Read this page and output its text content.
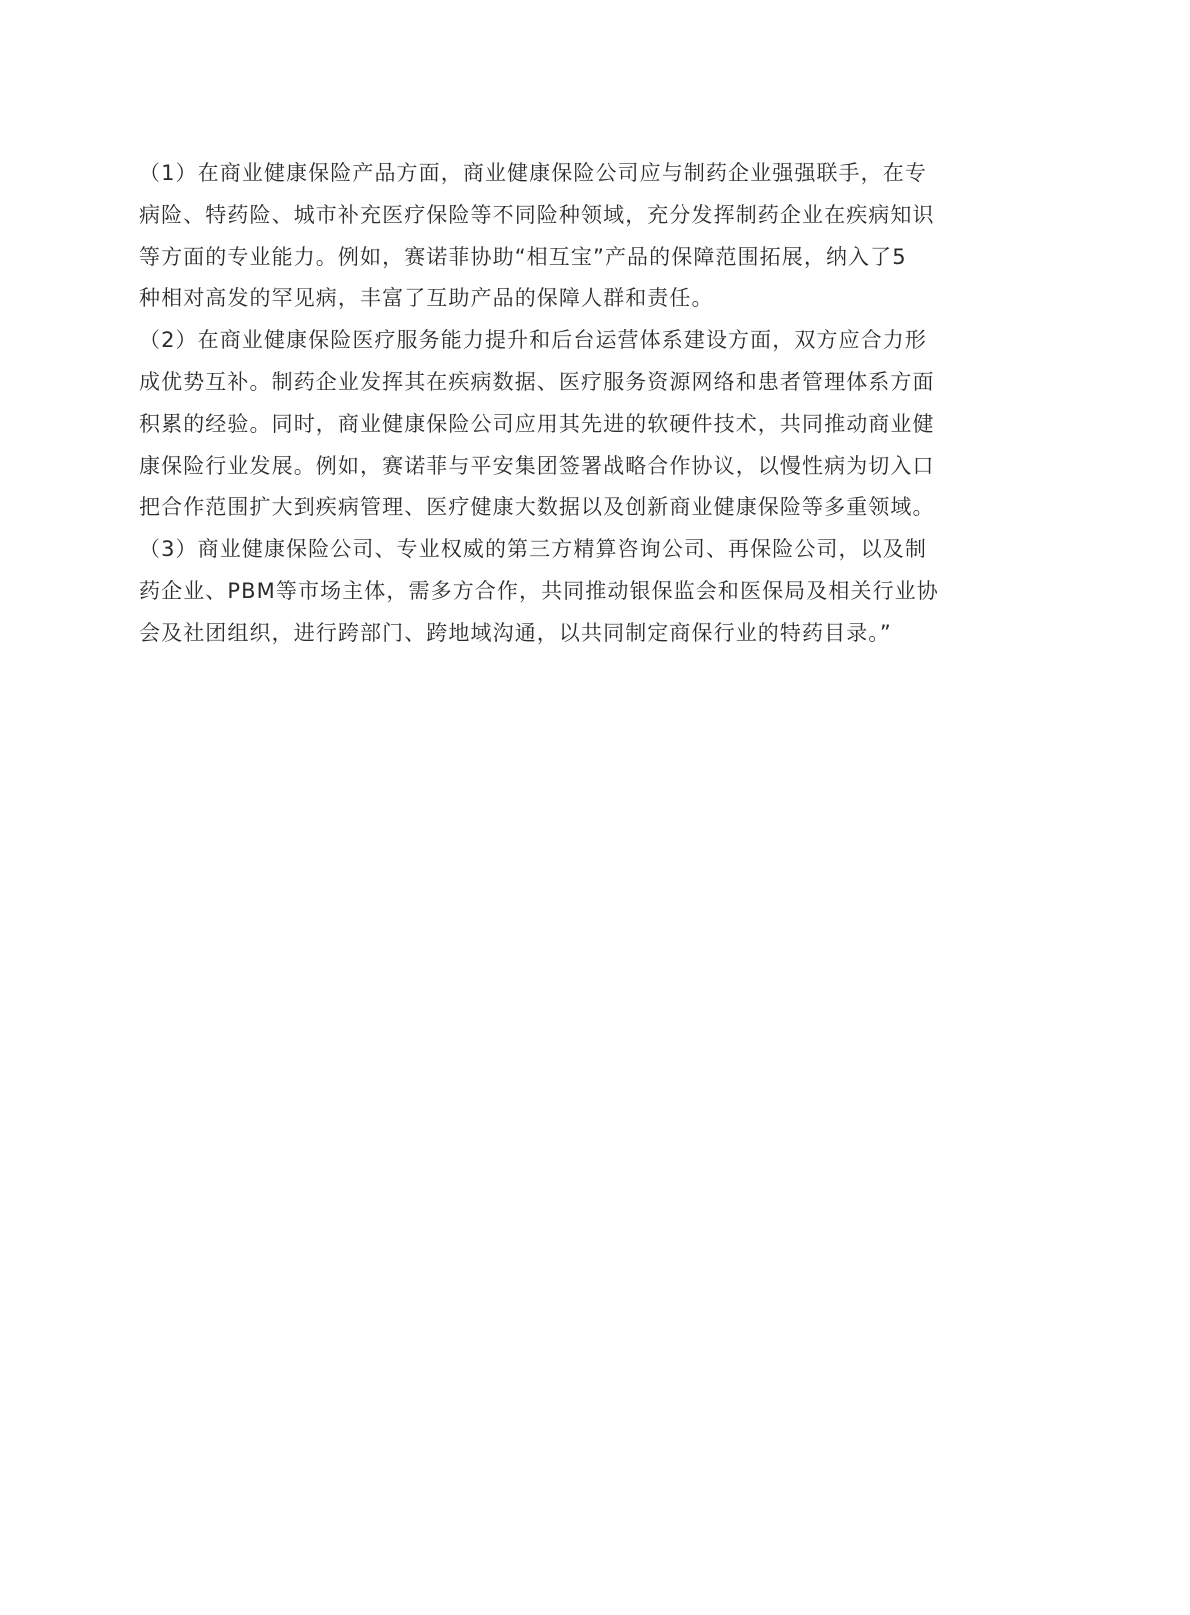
（1）在商业健康保险产品方面，商业健康保险公司应与制药企业强强联手，在专
病险、特药险、城市补充医疗保险等不同险种领域，充分发挥制药企业在疾病知识
等方面的专业能力。例如，赛诺菲协助“相互宝”产品的保障范围拓展，纳入了5
种相对高发的罕见病，丰富了互助产品的保障人群和责任。
（2）在商业健康保险医疗服务能力提升和后台运营体系建设方面，双方应合力形
成优势互补。制药企业发挥其在疾病数据、医疗服务资源网络和患者管理体系方面
积累的经验。同时，商业健康保险公司应用其先进的软硬件技术，共同推动商业健
康保险行业发展。例如，赛诺菲与平安集团签署战略合作协议，以慢性病为切入口
把合作范围扩大到疾病管理、医疗健康大数据以及创新商业健康保险等多重领域。
（3）商业健康保险公司、专业权威的第三方精算咨询公司、再保险公司，以及制
药企业、PBM等市场主体，需多方合作，共同推动银保监会和医保局及相关行业协
会及社团组织，进行跨部门、跨地域沟通，以共同制定商保行业的特药目录。”
